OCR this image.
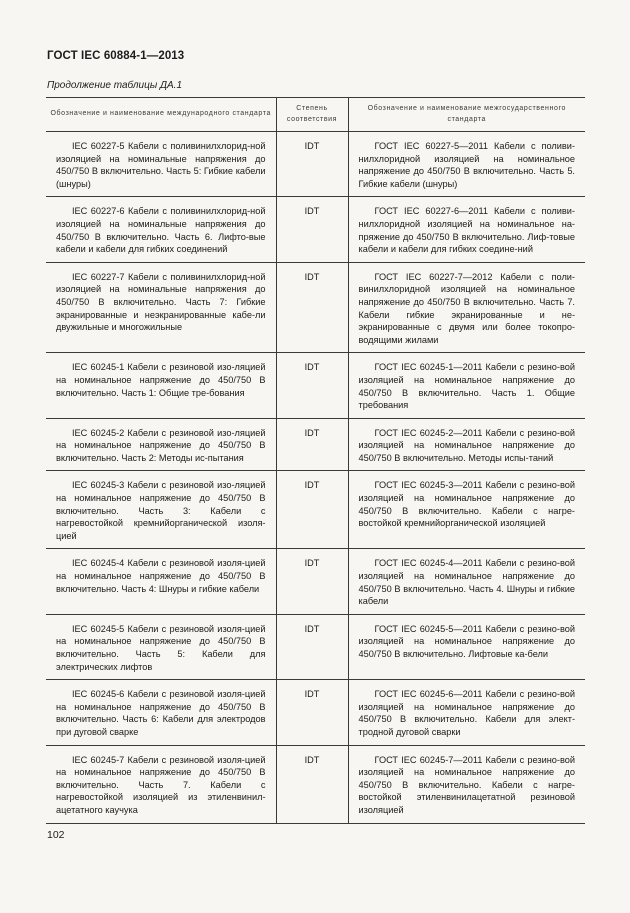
ГОСТ IEC 60884-1—2013
Продолжение таблицы ДА.1
Обозначение и наименование международного стандарта	Степень соответствия	Обозначение и наименование межгосударственного стандарта
IEC 60227-5 Кабели с поливинилхлорид-ной изоляцией на номинальные напряжения до 450/750 В включительно. Часть 5: Гибкие кабели (шнуры)	IDT	ГОСТ IEC 60227-5—2011 Кабели с поливи-нилхлоридной изоляцией на номинальное напряжение до 450/750 В включительно. Часть 5. Гибкие кабели (шнуры)
IEC 60227-6 Кабели с поливинилхлорид-ной изоляцией на номинальные напряжения до 450/750 В включительно. Часть 6. Лифто-вые кабели и кабели для гибких соединений	IDT	ГОСТ IEC 60227-6—2011 Кабели с поливи-нилхлоридной изоляцией на номинальное на-пряжение до 450/750 В включительно. Лиф-товые кабели и кабели для гибких соедине-ний
IEC 60227-7 Кабели с поливинилхлорид-ной изоляцией на номинальные напряжения до 450/750 В включительно. Часть 7: Гибкие экранированные и неэкранированные кабе-ли двужильные и многожильные	IDT	ГОСТ IEC 60227-7—2012 Кабели с поли-винилхлоридной изоляцией на номинальное напряжение до 450/750 В включительно. Часть 7. Кабели гибкие экранированные и не-экранированные с двумя или более токопро-водящими жилами
IEC 60245-1 Кабели с резиновой изо-ляцией на номинальное напряжение до 450/750 В включительно. Часть 1: Общие тре-бования	IDT	ГОСТ IEC 60245-1—2011 Кабели с резино-вой изоляцией на номинальное напряжение до 450/750 В включительно. Часть 1. Общие требования
IEC 60245-2 Кабели с резиновой изо-ляцией на номинальное напряжение до 450/750 В включительно. Часть 2: Методы ис-пытания	IDT	ГОСТ IEC 60245-2—2011 Кабели с резино-вой изоляцией на номинальное напряжение до 450/750 В включительно. Методы испы-таний
IEC 60245-3 Кабели с резиновой изо-ляцией на номинальное напряжение до 450/750 В включительно. Часть 3: Кабели с нагревостойкой кремнийорганической изоля-цией	IDT	ГОСТ IEC 60245-3—2011 Кабели с резино-вой изоляцией на номинальное напряжение до 450/750 В включительно. Кабели с нагре-востойкой кремнийорганической изоляцией
IEC 60245-4 Кабели с резиновой изоля-цией на номинальное напряжение до 450/750 В включительно. Часть 4: Шнуры и гибкие кабели	IDT	ГОСТ IEC 60245-4—2011 Кабели с резино-вой изоляцией на номинальное напряжение до 450/750 В включительно. Часть 4. Шнуры и гибкие кабели
IEC 60245-5 Кабели с резиновой изоля-цией на номинальное напряжение до 450/750 В включительно. Часть 5: Кабели для электрических лифтов	IDT	ГОСТ IEC 60245-5—2011 Кабели с резино-вой изоляцией на номинальное напряжение до 450/750 В включительно. Лифтовые ка-бели
IEC 60245-6 Кабели с резиновой изоля-цией на номинальное напряжение до 450/750 В включительно. Часть 6: Кабели для электродов при дуговой сварке	IDT	ГОСТ IEC 60245-6—2011 Кабели с резино-вой изоляцией на номинальное напряжение до 450/750 В включительно. Кабели для элект-тродной дуговой сварки
IEC 60245-7 Кабели с резиновой изоля-цией на номинальное напряжение до 450/750 В включительно. Часть 7. Кабели с нагревостойкой изоляцией из этиленвинил-ацетатного каучука	IDT	ГОСТ IEC 60245-7—2011 Кабели с резино-вой изоляцией на номинальное напряжение до 450/750 В включительно. Кабели с нагре-востойкой этиленвинилацетатной резиновой изоляцией
102
